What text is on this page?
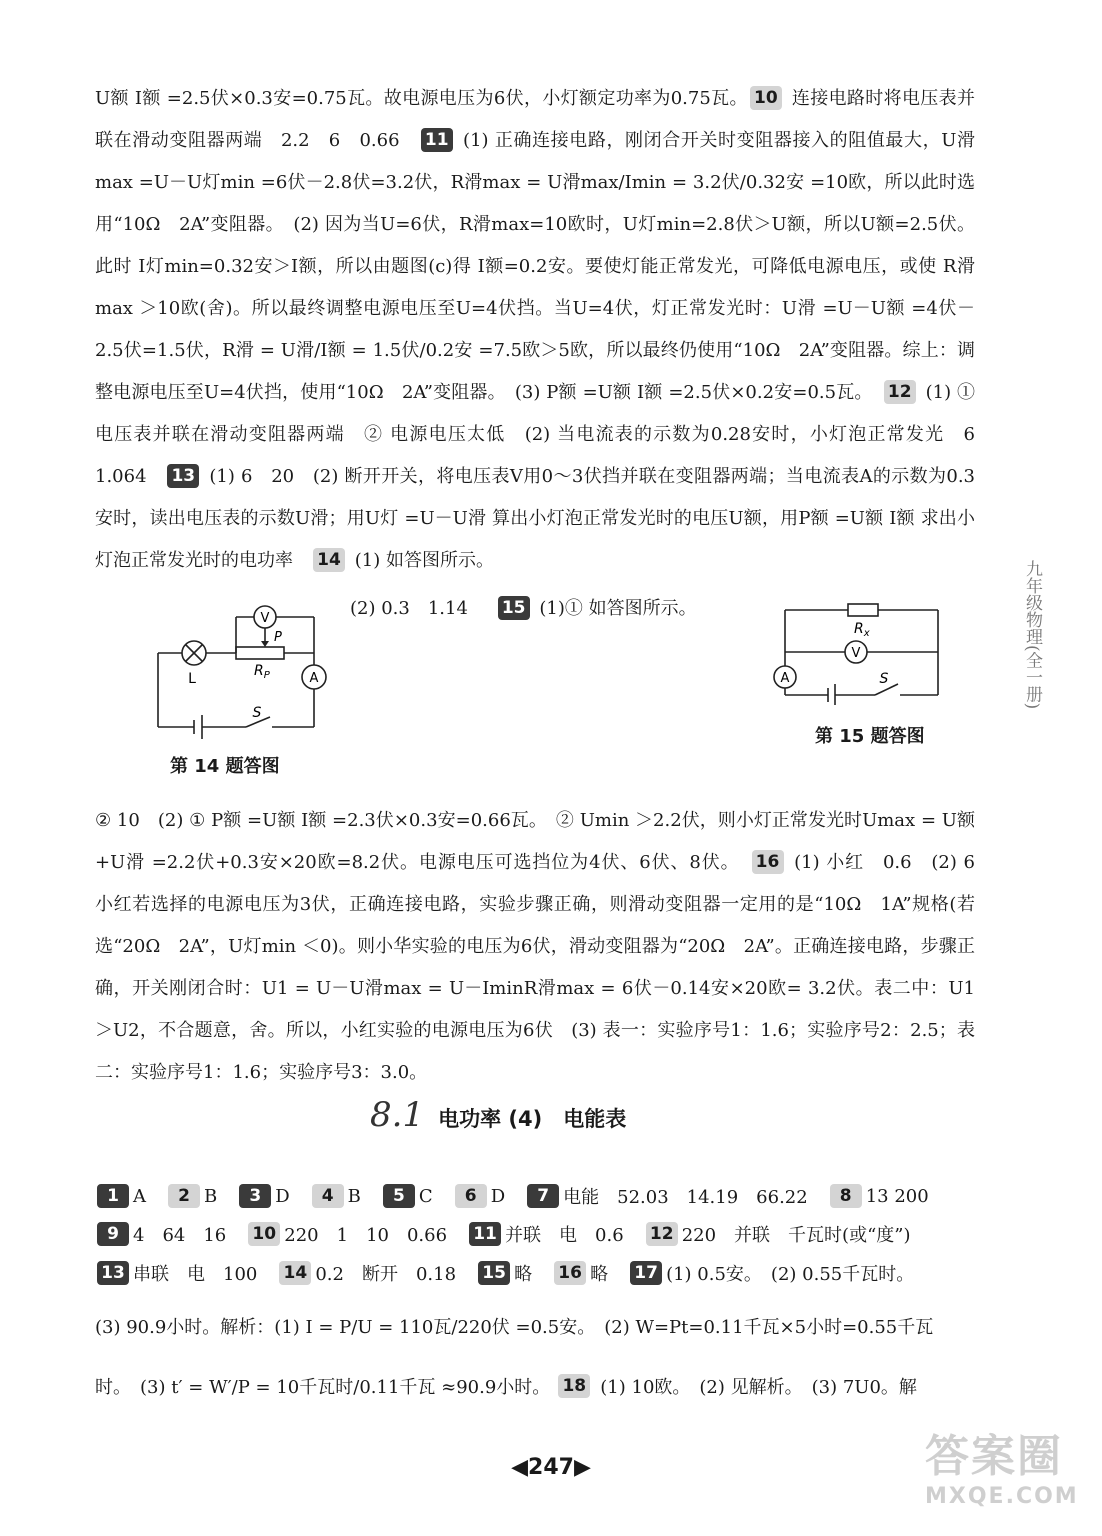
U额 I额 =2.5伏×0.3安=0.75瓦。故电源电压为6伏，小灯额定功率为0.75瓦。 10 连接电路时将电压表并联在滑动变阻器两端　2.2　6　0.66　11 (1) 正确连接电路，刚闭合开关时变阻器接入的阻值最大，U滑max =U－U灯min =6伏－2.8伏=3.2伏，R滑max = U滑max/Imin = 3.2伏/0.32安 =10欧，所以此时选用“10Ω　2A”变阻器。　(2) 因为当U=6伏，R滑max=10欧时，U灯min=2.8伏＞U额，所以U额=2.5伏。此时 I灯min=0.32安＞I额，所以由题图(c)得 I额=0.2安。要使灯能正常发光，可降低电源电压，或使 R滑max ＞10欧(舍)。所以最终调整电源电压至U=4伏挡。当U=4伏，灯正常发光时：U滑 =U－U额 =4伏－2.5伏=1.5伏，R滑 = U滑/I额 = 1.5伏/0.2安 =7.5欧＞5欧，所以最终仍使用“10Ω　2A”变阻器。综上：调整电源电压至U=4伏挡，使用“10Ω　2A”变阻器。　(3) P额 =U额 I额 =2.5伏×0.2安=0.5瓦。　12 (1) ① 电压表并联在滑动变阻器两端　② 电源电压太低　(2) 当电流表的示数为0.28安时，小灯泡正常发光　6　1.064　13 (1) 6　20　(2) 断开开关，将电压表V用0～3伏挡并联在变阻器两端；当电流表A的示数为0.3安时，读出电压表的示数U滑；用U灯 =U－U滑 算出小灯泡正常发光时的电压U额，用P额 =U额 I额 求出小灯泡正常发光时的电功率　14 (1) 如答图所示。

(2) 0.3　1.14 15 (1)① 如答图所示。
V
A
L
S
P
$R_P$
第 14 题答图
V
A	S
$R_x$
第 15 题答图

② 10　(2) ① P额 =U额 I额 =2.3伏×0.3安=0.66瓦。　② Umin ＞2.2伏，则小灯正常发光时Umax = U额 +U滑 =2.2伏+0.3安×20欧=8.2伏。电源电压可选挡位为4伏、6伏、8伏。　16 (1) 小红　0.6　(2) 6　小红若选择的电源电压为3伏，正确连接电路，实验步骤正确，则滑动变阻器一定用的是“10Ω　1A”规格(若选“20Ω　2A”，U灯min ＜0)。则小华实验的电压为6伏，滑动变阻器为“20Ω　2A”。正确连接电路，步骤正确，开关刚闭合时：U1 = U－U滑max = U－IminR滑max = 6伏－0.14安×20欧= 3.2伏。表二中：U1 ＞U2，不合题意，舍。所以，小红实验的电源电压为6伏　(3) 表一：实验序号1：1.6；实验序号2：2.5；表二：实验序号1：1.6；实验序号3：3.0。

8.1 电功率 (4)　电能表
1 A	2 B	3 D	4 B	5 C	6 D	7 电能　52.03　14.19　66.22	8 13 200
9 4　64　16 10 220　1　10　0.66 11 并联　电　0.6 12 220　并联　千瓦时(或“度”)
13 串联　电　100 14 0.2　断开　0.18 15 略 16 略 17 (1) 0.5安。　(2) 0.55千瓦时。
(3) 90.9小时。解析：(1) I = P/U = 110瓦/220伏 =0.5安。　(2) W=Pt=0.11千瓦×5小时=0.55千瓦
时。　(3) t′ = W′/P = 10千瓦时/0.11千瓦 ≈90.9小时。 18 (1) 10欧。　(2) 见解析。　(3) 7U0。解
九年级物理(全一册)
◀247▶	答案圈
MXQE.COM
